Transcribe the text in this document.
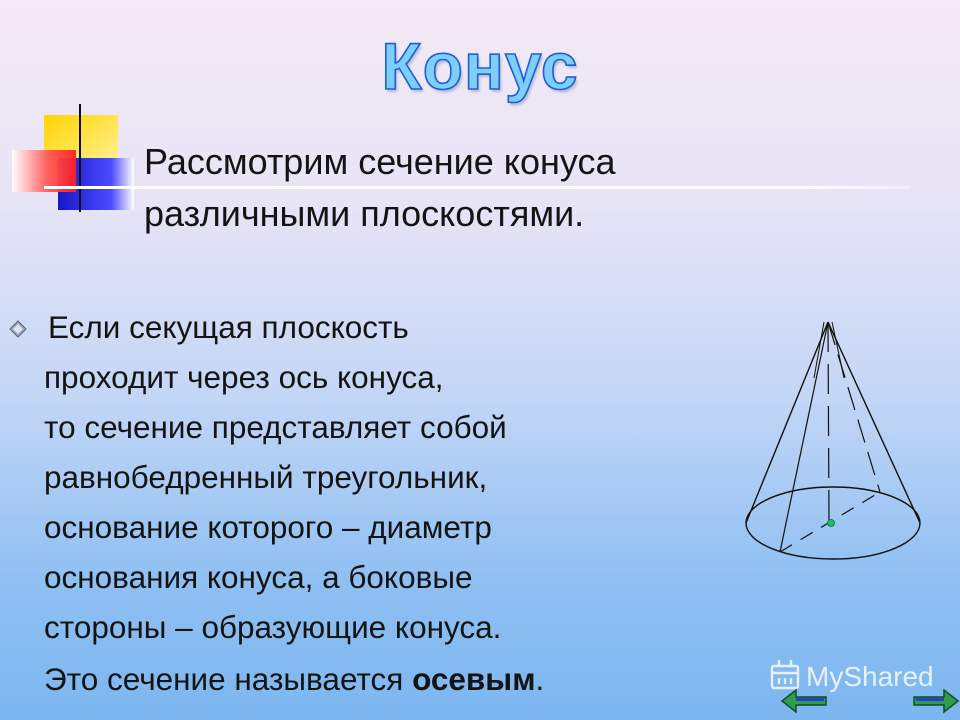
Конус
Рассмотрим сечение конуса
различными плоскостями.
Если секущая плоскость
проходит через ось конуса,
то сечение представляет собой
равнобедренный треугольник,
основание которого – диаметр
основания конуса, а боковые
стороны – образующие конуса.
Это сечение называется осевым.	MyShared
